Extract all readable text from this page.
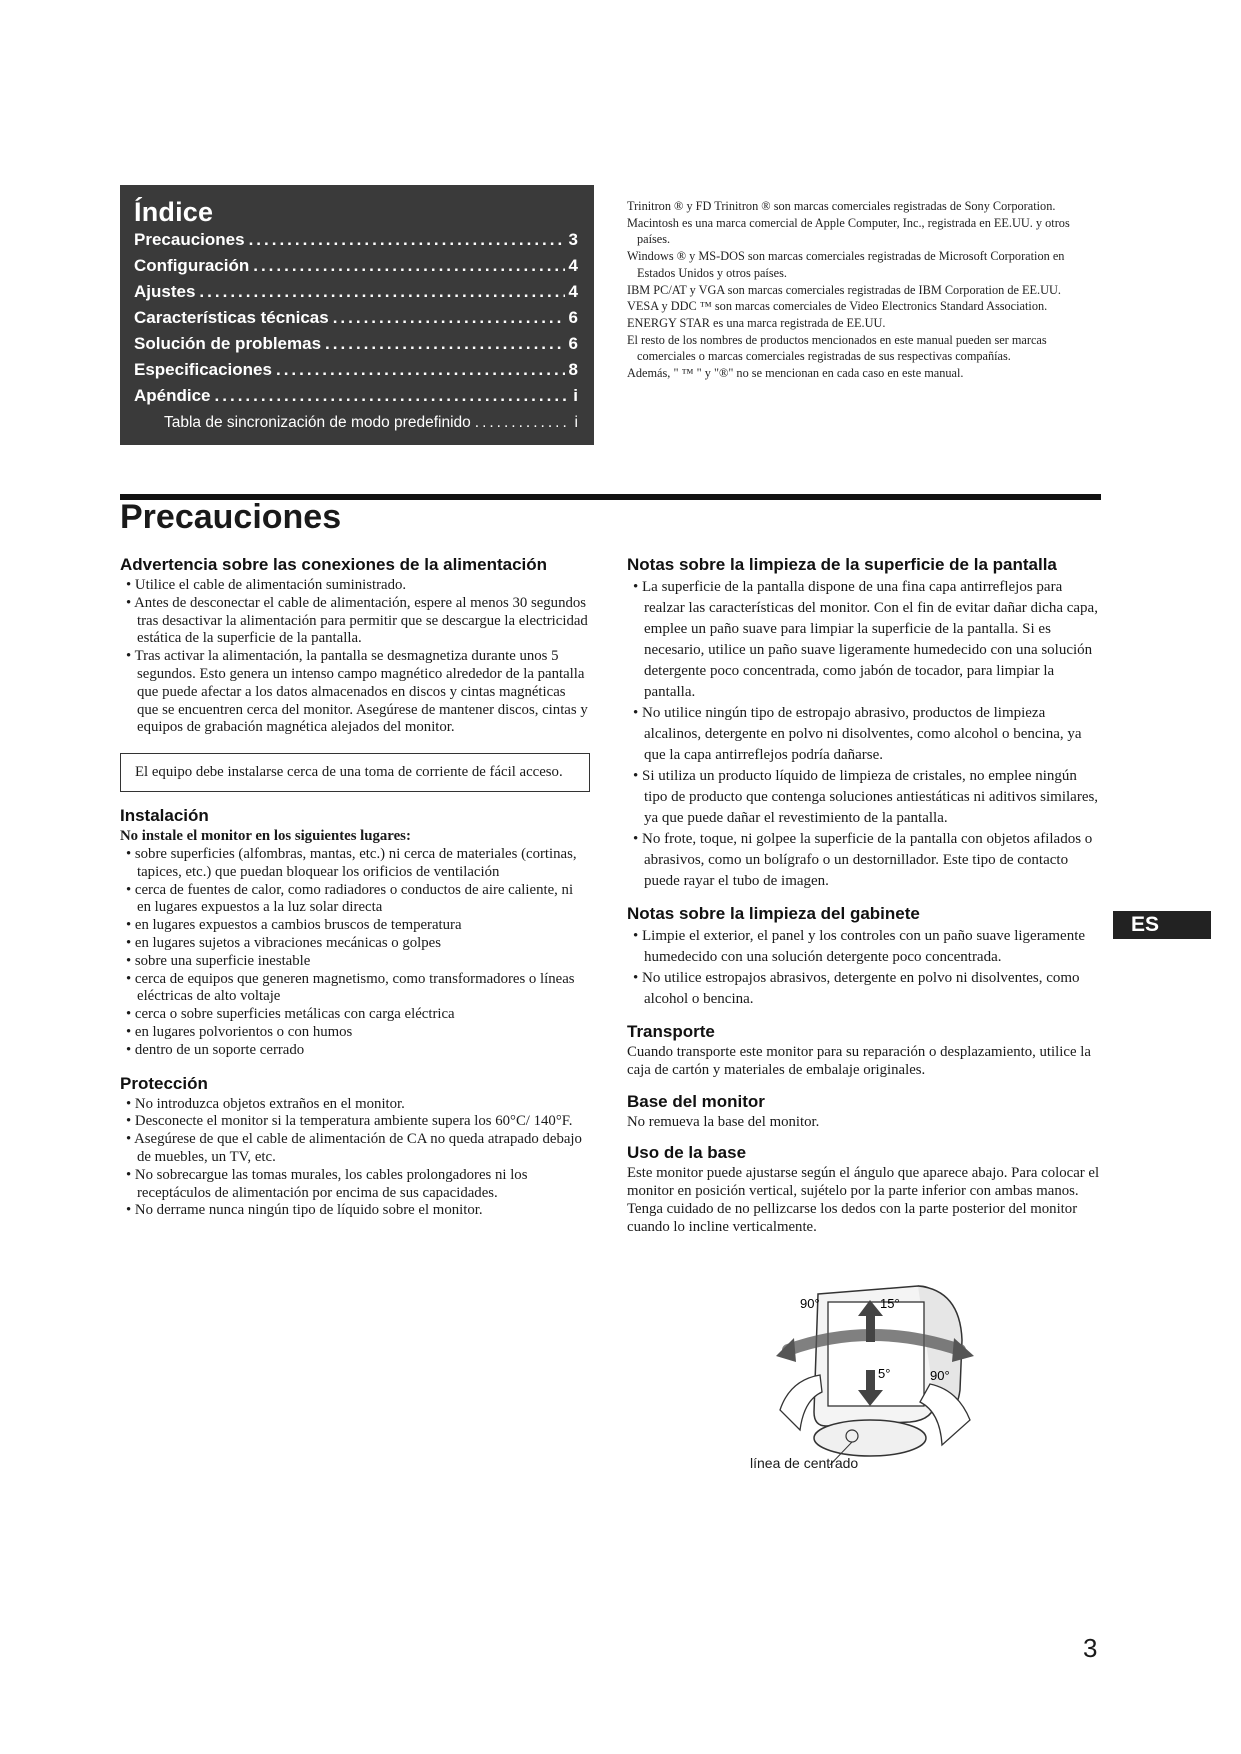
Índice
Precauciones .....	3
Configuración .....	4
Ajustes .....	4
Características técnicas .....	6
Solución de problemas .....	6
Especificaciones .....	8
Apéndice .....	i
Tabla de sincronización de modo predefinido .....	i
Trinitron ® y FD Trinitron ® son marcas comerciales registradas de Sony Corporation.
Macintosh es una marca comercial de Apple Computer, Inc., registrada en EE.UU. y otros países.
Windows ® y MS-DOS son marcas comerciales registradas de Microsoft Corporation en Estados Unidos y otros países.
IBM PC/AT y VGA son marcas comerciales registradas de IBM Corporation de EE.UU.
VESA y DDC ™ son marcas comerciales de Video Electronics Standard Association.
ENERGY STAR es una marca registrada de EE.UU.
El resto de los nombres de productos mencionados en este manual pueden ser marcas comerciales o marcas comerciales registradas de sus respectivas compañías.
Además, " ™ " y "®" no se mencionan en cada caso en este manual.
Precauciones
Advertencia sobre las conexiones de la alimentación
• Utilice el cable de alimentación suministrado.
• Antes de desconectar el cable de alimentación, espere al menos 30 segundos tras desactivar la alimentación para permitir que se descargue la electricidad estática de la superficie de la pantalla.
• Tras activar la alimentación, la pantalla se desmagnetiza durante unos 5 segundos. Esto genera un intenso campo magnético alrededor de la pantalla que puede afectar a los datos almacenados en discos y cintas magnéticas que se encuentren cerca del monitor. Asegúrese de mantener discos, cintas y equipos de grabación magnética alejados del monitor.
El equipo debe instalarse cerca de una toma de corriente de fácil acceso.
Instalación

No instale el monitor en los siguientes lugares:

• sobre superficies (alfombras, mantas, etc.) ni cerca de materiales (cortinas, tapices, etc.) que puedan bloquear los orificios de ventilación
• cerca de fuentes de calor, como radiadores o conductos de aire caliente, ni en lugares expuestos a la luz solar directa
• en lugares expuestos a cambios bruscos de temperatura
• en lugares sujetos a vibraciones mecánicas o golpes
• sobre una superficie inestable
• cerca de equipos que generen magnetismo, como transformadores o líneas eléctricas de alto voltaje
• cerca o sobre superficies metálicas con carga eléctrica
• en lugares polvorientos o con humos
• dentro de un soporte cerrado
Protección
• No introduzca objetos extraños en el monitor.
• Desconecte el monitor si la temperatura ambiente supera los 60°C/ 140°F.
• Asegúrese de que el cable de alimentación de CA no queda atrapado debajo de muebles, un TV, etc.
• No sobrecargue las tomas murales, los cables prolongadores ni los receptáculos de alimentación por encima de sus capacidades.
• No derrame nunca ningún tipo de líquido sobre el monitor.
Notas sobre la limpieza de la superficie de la pantalla
• La superficie de la pantalla dispone de una fina capa antirreflejos para realzar las características del monitor. Con el fin de evitar dañar dicha capa, emplee un paño suave para limpiar la superficie de la pantalla. Si es necesario, utilice un paño suave ligeramente humedecido con una solución detergente poco concentrada, como jabón de tocador, para limpiar la pantalla.
• No utilice ningún tipo de estropajo abrasivo, productos de limpieza alcalinos, detergente en polvo ni disolventes, como alcohol o bencina, ya que la capa antirreflejos podría dañarse.
• Si utiliza un producto líquido de limpieza de cristales, no emplee ningún tipo de producto que contenga soluciones antiestáticas ni aditivos similares, ya que puede dañar el revestimiento de la pantalla.
• No frote, toque, ni golpee la superficie de la pantalla con objetos afilados o abrasivos, como un bolígrafo o un destornillador. Este tipo de contacto puede rayar el tubo de imagen.
Notas sobre la limpieza del gabinete
• Limpie el exterior, el panel y los controles con un paño suave ligeramente humedecido con una solución detergente poco concentrada.
• No utilice estropajos abrasivos, detergente en polvo ni disolventes, como alcohol o bencina.
Transporte

Cuando transporte este monitor para su reparación o desplazamiento, utilice la caja de cartón y materiales de embalaje originales.

Base del monitor

No remueva la base del monitor.

Uso de la base

Este monitor puede ajustarse según el ángulo que aparece abajo. Para colocar el monitor en posición vertical, sujételo por la parte inferior con ambas manos. Tenga cuidado de no pellizcarse los dedos con la parte posterior del monitor cuando lo incline verticalmente.

ES
90°	15°
5°	90°
línea de centrado
3
